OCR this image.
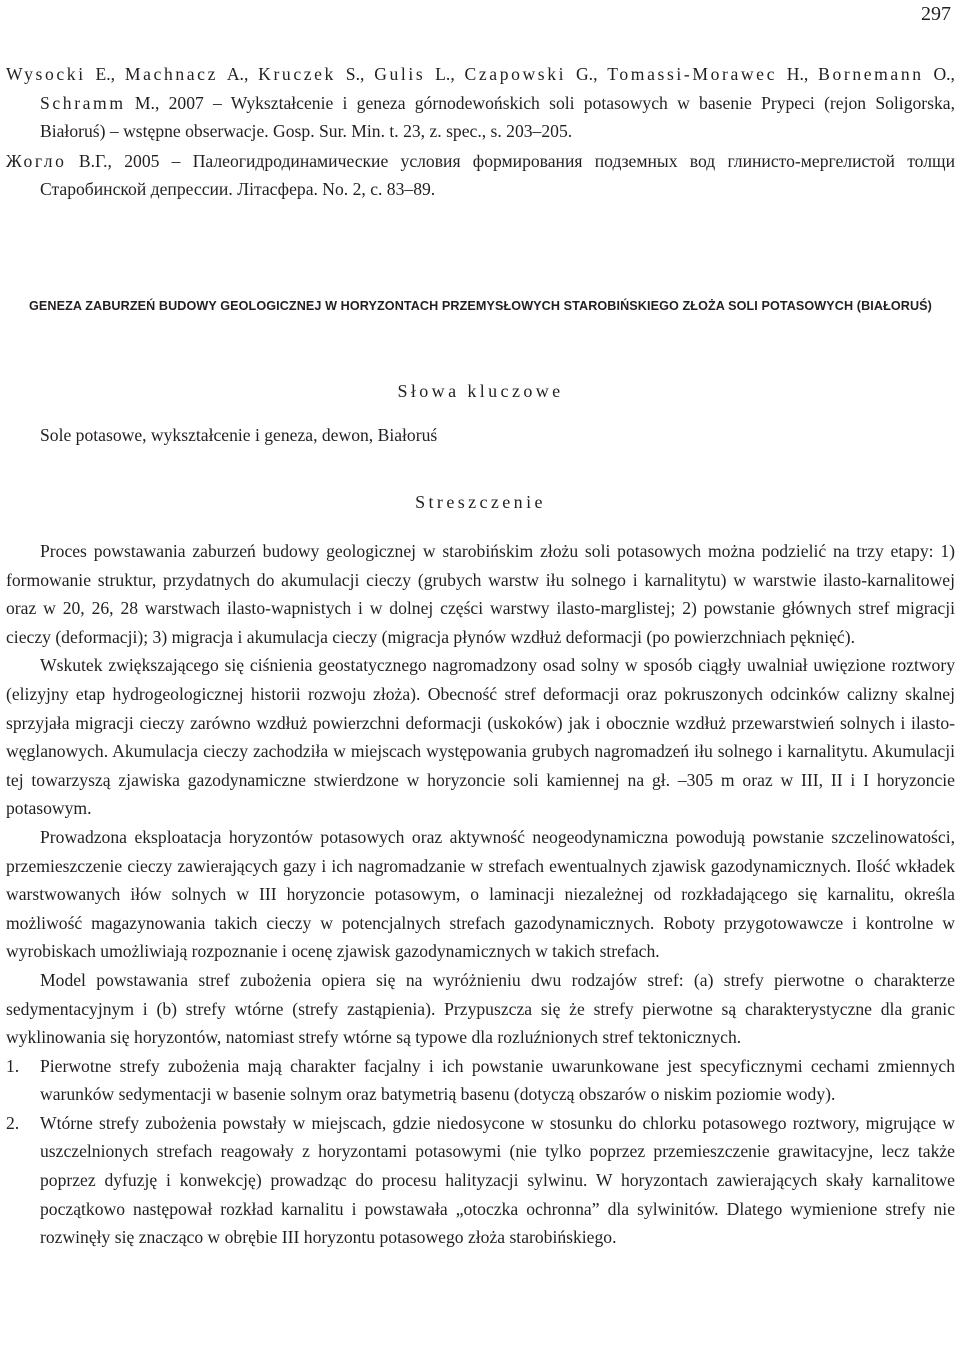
297
Wysocki E., Machnacz A., Kruczek S., Gulis L., Czapowski G., Tomassi-Morawec H., Bornemann O., Schramm M., 2007 – Wykształcenie i geneza górnodewońskich soli potasowych w basenie Prypeci (rejon Soligorska, Białoruś) – wstępne obserwacje. Gosp. Sur. Min. t. 23, z. spec., s. 203–205.
Жогло В.Г., 2005 – Палеогидродинамические условия формирования подземных вод глинисто-мергелистой толщи Старобинской депрессии. Літасфера. No. 2, c. 83–89.
GENEZA ZABURZEŃ BUDOWY GEOLOGICZNEJ W HORYZONTACH PRZEMYSŁOWYCH STAROBIŃSKIEGO ZŁOŻA SOLI POTASOWYCH (BIAŁORUŚ)
Słowa kluczowe
Sole potasowe, wykształcenie i geneza, dewon, Białoruś
Streszczenie

Proces powstawania zaburzeń budowy geologicznej w starobińskim złożu soli potasowych można podzielić na trzy etapy: 1) formowanie struktur, przydatnych do akumulacji cieczy (grubych warstw iłu solnego i karnalitytu) w warstwie ilasto-karnalitowej oraz w 20, 26, 28 warstwach ilasto-wapnistych i w dolnej części warstwy ilasto-marglistej; 2) powstanie głównych stref migracji cieczy (deformacji); 3) migracja i akumulacja cieczy (migracja płynów wzdłuż deformacji (po powierzchniach pęknięć).

Wskutek zwiększającego się ciśnienia geostatycznego nagromadzony osad solny w sposób ciągły uwalniał uwięzione roztwory (elizyjny etap hydrogeologicznej historii rozwoju złoża). Obecność stref deformacji oraz pokruszonych odcinków calizny skalnej sprzyjała migracji cieczy zarówno wzdłuż powierzchni deformacji (uskoków) jak i obocznie wzdłuż przewarstwień solnych i ilasto-węglanowych. Akumulacja cieczy zachodziła w miejscach występowania grubych nagromadzeń iłu solnego i karnalitytu. Akumulacji tej towarzyszą zjawiska gazodynamiczne stwierdzone w horyzoncie soli kamiennej na gł. –305 m oraz w III, II i I horyzoncie potasowym.

Prowadzona eksploatacja horyzontów potasowych oraz aktywność neogeodynamiczna powodują powstanie szczelinowatości, przemieszczenie cieczy zawierających gazy i ich nagromadzanie w strefach ewentualnych zjawisk gazodynamicznych. Ilość wkładek warstwowanych iłów solnych w III horyzoncie potasowym, o laminacji niezależnej od rozkładającego się karnalitu, określa możliwość magazynowania takich cieczy w potencjalnych strefach gazodynamicznych. Roboty przygotowawcze i kontrolne w wyrobiskach umożliwiają rozpoznanie i ocenę zjawisk gazodynamicznych w takich strefach.

Model powstawania stref zubożenia opiera się na wyróżnieniu dwu rodzajów stref: (a) strefy pierwotne o charakterze sedymentacyjnym i (b) strefy wtórne (strefy zastąpienia). Przypuszcza się że strefy pierwotne są charakterystyczne dla granic wyklinowania się horyzontów, natomiast strefy wtórne są typowe dla rozluźnionych stref tektonicznych.

1. Pierwotne strefy zubożenia mają charakter facjalny i ich powstanie uwarunkowane jest specyficznymi cechami zmiennych warunków sedymentacji w basenie solnym oraz batymetrią basenu (dotyczą obszarów o niskim poziomie wody).
2. Wtórne strefy zubożenia powstały w miejscach, gdzie niedosycone w stosunku do chlorku potasowego roztwory, migrujące w uszczelnionych strefach reagowały z horyzontami potasowymi (nie tylko poprzez przemieszczenie grawitacyjne, lecz także poprzez dyfuzję i konwekcję) prowadząc do procesu halityzacji sylwinu. W horyzontach zawierających skały karnalitowe początkowo następował rozkład karnalitu i powstawała „otoczka ochronna” dla sylwinitów. Dlatego wymienione strefy nie rozwinęły się znacząco w obrębie III horyzontu potasowego złoża starobińskiego.
